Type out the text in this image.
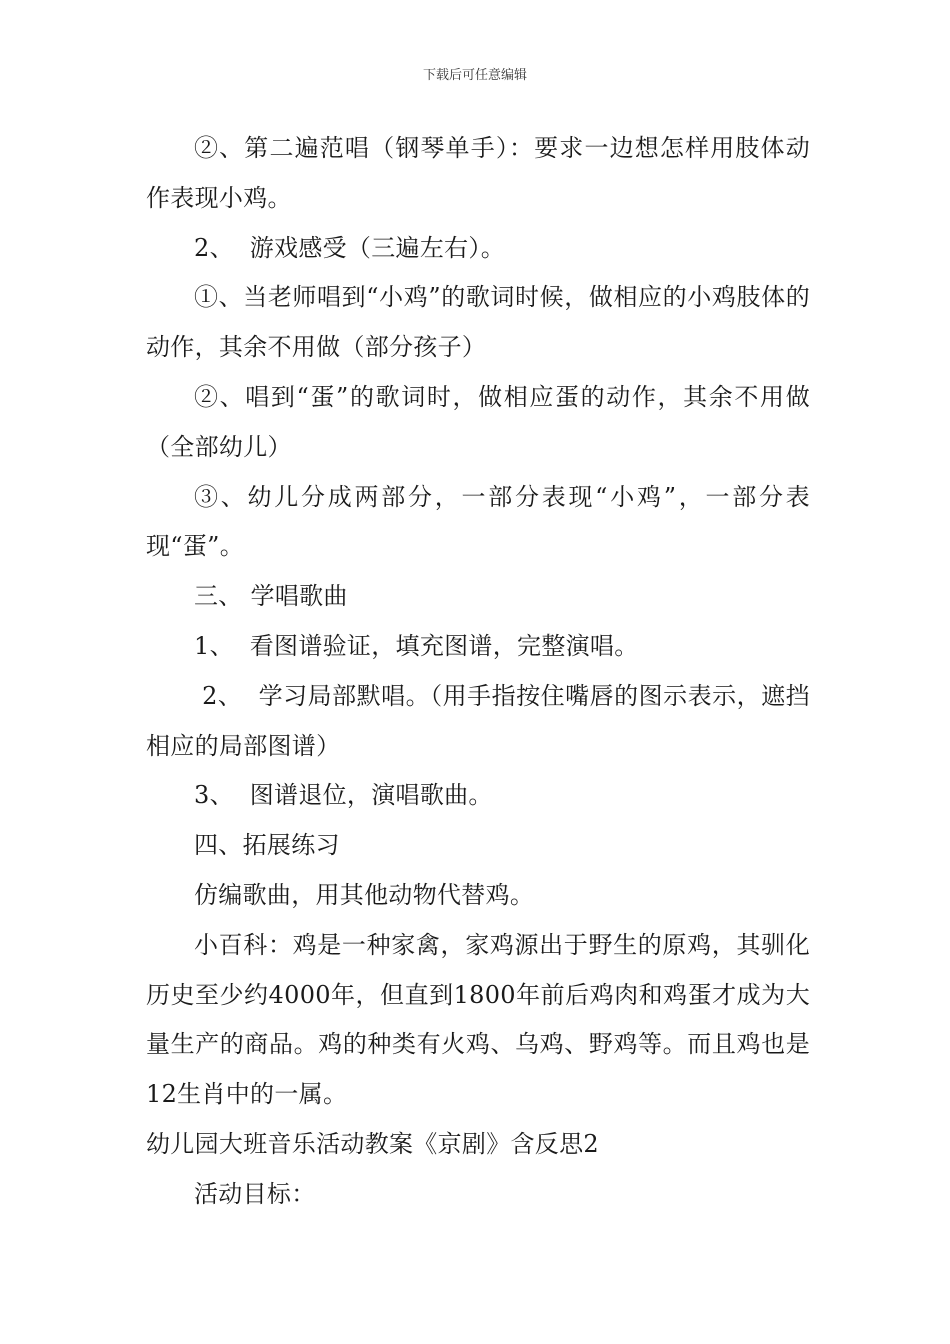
下载后可任意编辑

②、第二遍范唱（钢琴单手）：要求一边想怎样用肢体动作表现小鸡。

2、  游戏感受（三遍左右）。

①、当老师唱到“小鸡”的歌词时候，做相应的小鸡肢体的动作，其余不用做（部分孩子）

②、唱到“蛋”的歌词时，做相应蛋的动作，其余不用做（全部幼儿）

③、幼儿分成两部分，一部分表现“小鸡”，一部分表现“蛋”。

三、 学唱歌曲

1、  看图谱验证，填充图谱，完整演唱。

2、  学习局部默唱。（用手指按住嘴唇的图示表示，遮挡相应的局部图谱）

3、  图谱退位，演唱歌曲。

四、拓展练习

仿编歌曲，用其他动物代替鸡。

小百科：鸡是一种家禽，家鸡源出于野生的原鸡，其驯化历史至少约4000年，但直到1800年前后鸡肉和鸡蛋才成为大量生产的商品。鸡的种类有火鸡、乌鸡、野鸡等。而且鸡也是12生肖中的一属。

幼儿园大班音乐活动教案《京剧》含反思2

活动目标：
